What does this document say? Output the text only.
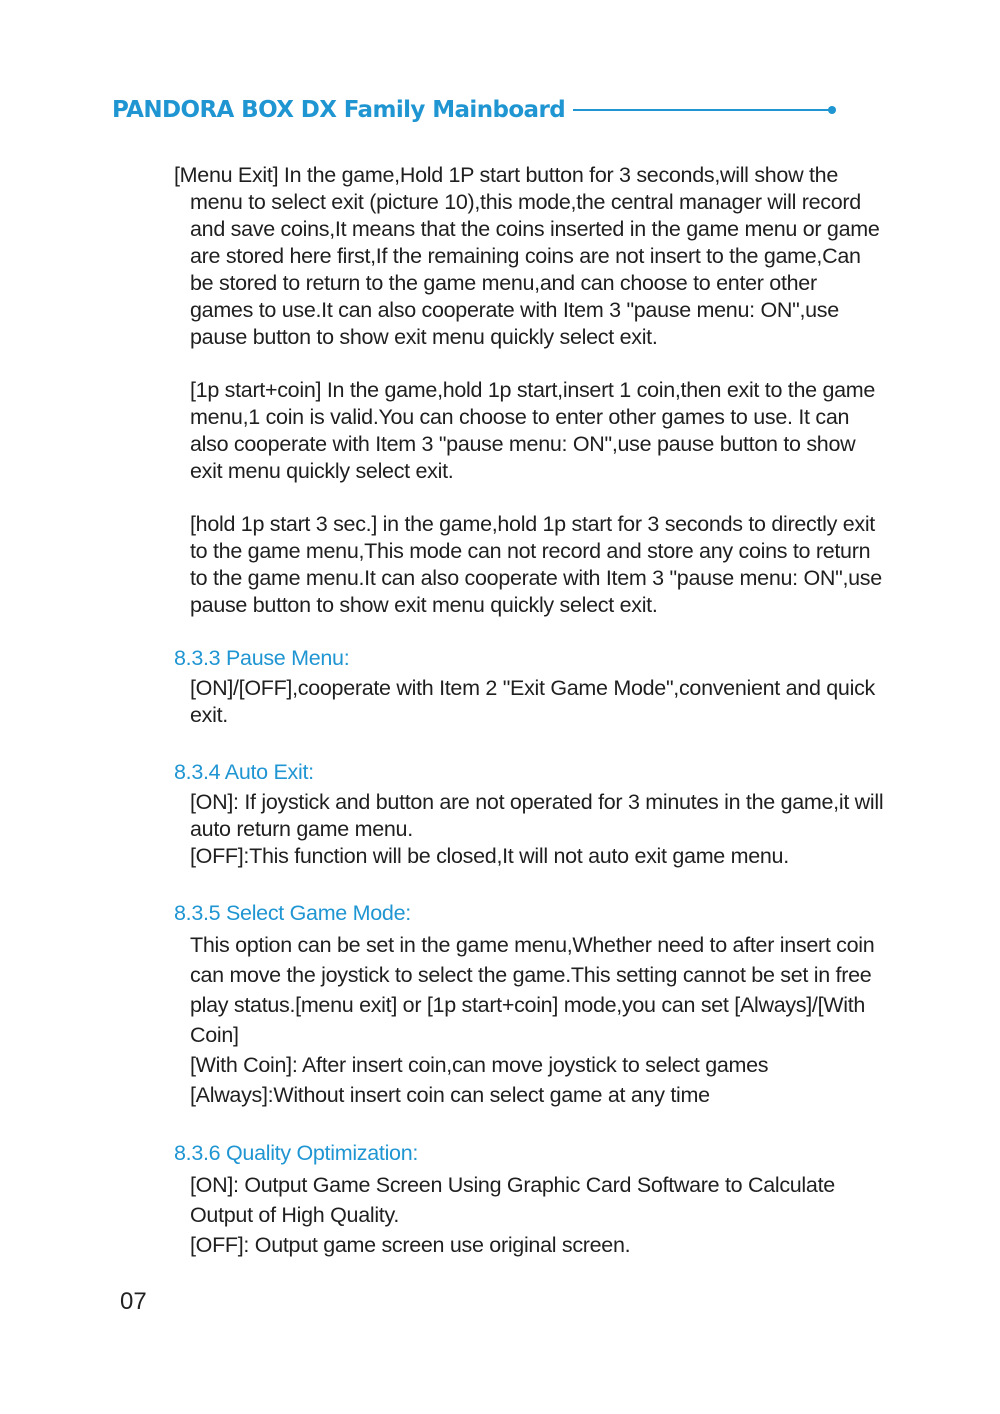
PANDORA BOX DX Family Mainboard

[Menu Exit] In the game,Hold 1P start button for 3 seconds,will show the menu to select exit (picture 10),this mode,the central manager will record and save coins,It means that the coins inserted in the game menu or game are stored here first,If the remaining coins are not insert to the game,Can be stored to return to the game menu,and can choose to enter other games to use.It can also cooperate with Item 3 "pause menu: ON",use pause button to show exit menu quickly select exit.

[1p start+coin] In the game,hold 1p start,insert 1 coin,then exit to the game menu,1 coin is valid.You can choose to enter other games to use. It can also cooperate with Item 3 "pause menu: ON",use pause button to show exit menu quickly select exit.

[hold 1p start 3 sec.] in the game,hold 1p start for 3 seconds to directly exit to the game menu,This mode can not record and store any coins to return to the game menu.It can also cooperate with Item 3 "pause menu: ON",use pause button to show exit menu quickly select exit.

8.3.3 Pause Menu:
[ON]/[OFF],cooperate with Item 2 "Exit Game Mode",convenient and quick exit.
8.3.4 Auto Exit:
[ON]: If joystick and button are not operated for 3 minutes in the game,it will auto return game menu.
[OFF]:This function will be closed,It will not auto exit game menu.
8.3.5 Select Game Mode:
This option can be set in the game menu,Whether need to after insert coin can move the joystick to select the game.This setting cannot be set in free play status.[menu exit] or [1p start+coin] mode,you can set [Always]/[With Coin]
[With Coin]: After insert coin,can move joystick to select games
[Always]:Without insert coin can select game at any time
8.3.6 Quality Optimization:
[ON]: Output Game Screen Using Graphic Card Software to Calculate Output of High Quality.
[OFF]: Output game screen use original screen.
07
